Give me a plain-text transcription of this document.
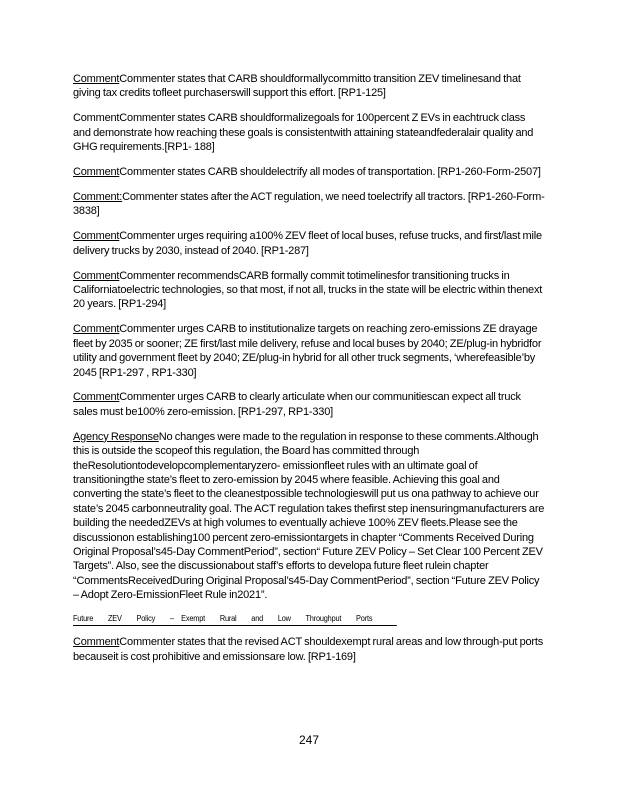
CommentCommenter states that CARB shouldformallycommitto transition ZEV timelinesand that giving tax credits tofleet purchaserswill support this effort. [RP1-125]

CommentCommenter states CARB shouldformalizegoals for 100percent Z EVs in eachtruck class and demonstrate how reaching these goals is consistentwith attaining stateandfederalair quality and GHG requirements.[RP1- 188]

CommentCommenter states CARB shouldelectrify all modes of transportation. [RP1-260-Form-2507]

Comment:Commenter states after the ACT regulation, we need toelectrify all tractors. [RP1-260-Form-3838]

CommentCommenter urges requiring a100% ZEV fleet of local buses, refuse trucks, and first/last mile delivery trucks by 2030, instead of 2040. [RP1-287]

CommentCommenter recommendsCARB formally commit totimelinesfor transitioning trucks in Californiatoelectric technologies, so that most, if not all, trucks in the state will be electric within thenext 20 years. [RP1-294]

CommentCommenter urges CARB to institutionalize targets on reaching zero-emissions ZE drayage fleet by 2035 or sooner; ZE first/last mile delivery, refuse and local buses by 2040; ZE/plug-in hybridfor utility and government fleet by 2040; ZE/plug-in hybrid for all other truck segments, ‘wherefeasible’by 2045 [RP1-297 , RP1-330]

CommentCommenter urges CARB to clearly articulate when our communitiescan expect all truck sales must be100% zero-emission. [RP1-297, RP1-330]

Agency ResponseNo changes were made to the regulation in response to these comments.Although this is outside the scopeof this regulation, the Board has committed through theResolutiontodevelopcomplementaryzero- emissionfleet rules with an ultimate goal of transitioningthe state’s fleet to zero-emission by 2045 where feasible. Achieving this goal and converting the state’s fleet to the cleanestpossible technologieswill put us ona pathway to achieve our state’s 2045 carbonneutrality goal. The ACT regulation takes thefirst step inensuringmanufacturers are building the neededZEVs at high volumes to eventually achieve 100% ZEV fleets.Please see the discussionon establishing100 percent zero-emissiontargets in chapter “Comments Received During Original Proposal’s45-Day CommentPeriod”, section“ Future ZEV Policy – Set Clear 100 Percent ZEV Targets”. Also, see the discussionabout staff’s efforts to developa future fleet rulein chapter “CommentsReceivedDuring Original Proposal’s45-Day CommentPeriod”, section “Future ZEV Policy – Adopt Zero-EmissionFleet Rule in2021”.

Future    ZEV    Policy    –  Exempt    Rural    and    Low    Throughput    Ports

CommentCommenter states that the revised ACT shouldexempt rural areas and low through-put ports becauseit is cost prohibitive and emissionsare low. [RP1-169]

247
